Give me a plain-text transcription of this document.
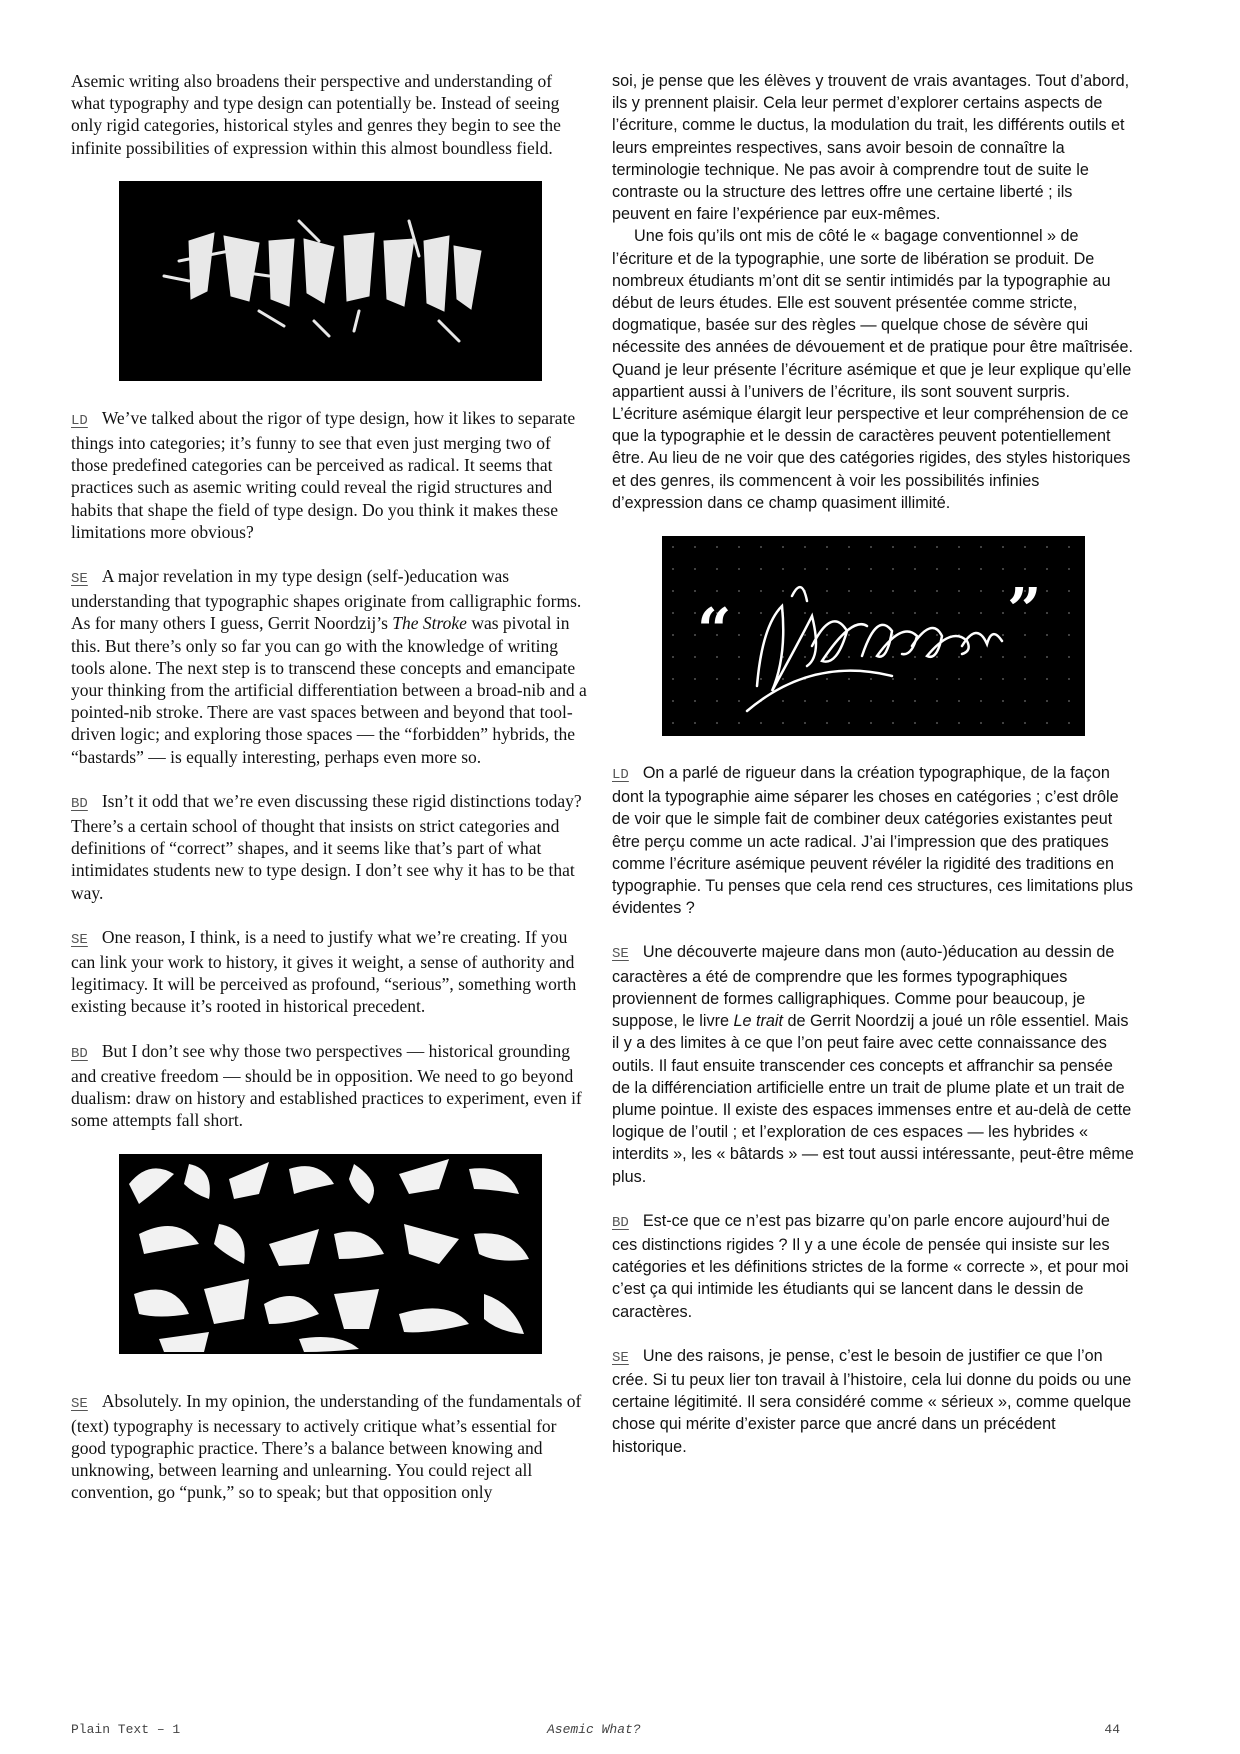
Asemic writing also broadens their perspective and understanding of what typography and type design can potentially be. Instead of seeing only rigid categories, historical styles and genres they begin to see the infinite possibilities of expression within this almost boundless field.

LD We’ve talked about the rigor of type design, how it likes to separate things into categories; it’s funny to see that even just merging two of those predefined categories can be perceived as radical. It seems that practices such as asemic writing could reveal the rigid structures and habits that shape the field of type design. Do you think it makes these limitations more obvious?

SE A major revelation in my type design (self-)education was understanding that typographic shapes originate from calligraphic forms. As for many others I guess, Gerrit Noordzij’s The Stroke was pivotal in this. But there’s only so far you can go with the knowledge of writing tools alone. The next step is to transcend these concepts and emancipate your thinking from the artificial differentiation between a broad-nib and a pointed-nib stroke. There are vast spaces between and beyond that tool-driven logic; and exploring those spaces — the “forbidden” hybrids, the “bastards” — is equally interesting, perhaps even more so.

BD Isn’t it odd that we’re even discussing these rigid distinctions today? There’s a certain school of thought that insists on strict categories and definitions of “correct” shapes, and it seems like that’s part of what intimidates students new to type design. I don’t see why it has to be that way.

SE One reason, I think, is a need to justify what we’re creating. If you can link your work to history, it gives it weight, a sense of authority and legitimacy. It will be perceived as profound, “serious”, something worth existing because it’s rooted in historical precedent.

BD But I don’t see why those two perspectives — historical grounding and creative freedom — should be in opposition. We need to go beyond dualism: draw on history and established practices to experiment, even if some attempts fall short.

SE Absolutely. In my opinion, the understanding of the fundamentals of (text) typography is necessary to actively critique what’s essential for good typographic practice. There’s a balance between knowing and unknowing, between learning and unlearning. You could reject all convention, go “punk,” so to speak; but that opposition only

soi, je pense que les élèves y trouvent de vrais avantages. Tout d’abord, ils y prennent plaisir. Cela leur permet d’explorer certains aspects de l’écriture, comme le ductus, la modulation du trait, les différents outils et leurs empreintes respectives, sans avoir besoin de connaître la terminologie technique. Ne pas avoir à comprendre tout de suite le contraste ou la structure des lettres offre une certaine liberté ; ils peuvent en faire l’expérience par eux-mêmes.

Une fois qu’ils ont mis de côté le « bagage conventionnel » de l’écriture et de la typographie, une sorte de libération se produit. De nombreux étudiants m’ont dit se sentir intimidés par la typographie au début de leurs études. Elle est souvent présentée comme stricte, dogmatique, basée sur des règles — quelque chose de sévère qui nécessite des années de dévouement et de pratique pour être maîtrisée. Quand je leur présente l’écriture asémique et que je leur explique qu’elle appartient aussi à l’univers de l’écriture, ils sont souvent surpris. L’écriture asémique élargit leur perspective et leur compréhension de ce que la typographie et le dessin de caractères peuvent potentiellement être. Au lieu de ne voir que des catégories rigides, des styles historiques et des genres, ils commencent à voir les possibilités infinies d’expression dans ce champ quasiment illimité.

“	”

LD On a parlé de rigueur dans la création typographique, de la façon dont la typographie aime séparer les choses en catégories ; c’est drôle de voir que le simple fait de combiner deux catégories existantes peut être perçu comme un acte radical. J’ai l’impression que des pratiques comme l’écriture asémique peuvent révéler la rigidité des traditions en typographie. Tu penses que cela rend ces structures, ces limitations plus évidentes ?

SE Une découverte majeure dans mon (auto-)éducation au dessin de caractères a été de comprendre que les formes typographiques proviennent de formes calligraphiques. Comme pour beaucoup, je suppose, le livre Le trait de Gerrit Noordzij a joué un rôle essentiel. Mais il y a des limites à ce que l’on peut faire avec cette connaissance des outils. Il faut ensuite transcender ces concepts et affranchir sa pensée de la différenciation artificielle entre un trait de plume plate et un trait de plume pointue. Il existe des espaces immenses entre et au-delà de cette logique de l’outil ; et l’exploration de ces espaces — les hybrides « interdits », les « bâtards » — est tout aussi intéressante, peut-être même plus.

BD Est-ce que ce n’est pas bizarre qu’on parle encore aujourd’hui de ces distinctions rigides ? Il y a une école de pensée qui insiste sur les catégories et les définitions strictes de la forme « correcte », et pour moi c’est ça qui intimide les étudiants qui se lancent dans le dessin de caractères.

SE Une des raisons, je pense, c’est le besoin de justifier ce que l’on crée. Si tu peux lier ton travail à l’histoire, cela lui donne du poids ou une certaine légitimité. Il sera considéré comme « sérieux », comme quelque chose qui mérite d’exister parce que ancré dans un précédent historique.

Plain Text – 1	Asemic What?	44
